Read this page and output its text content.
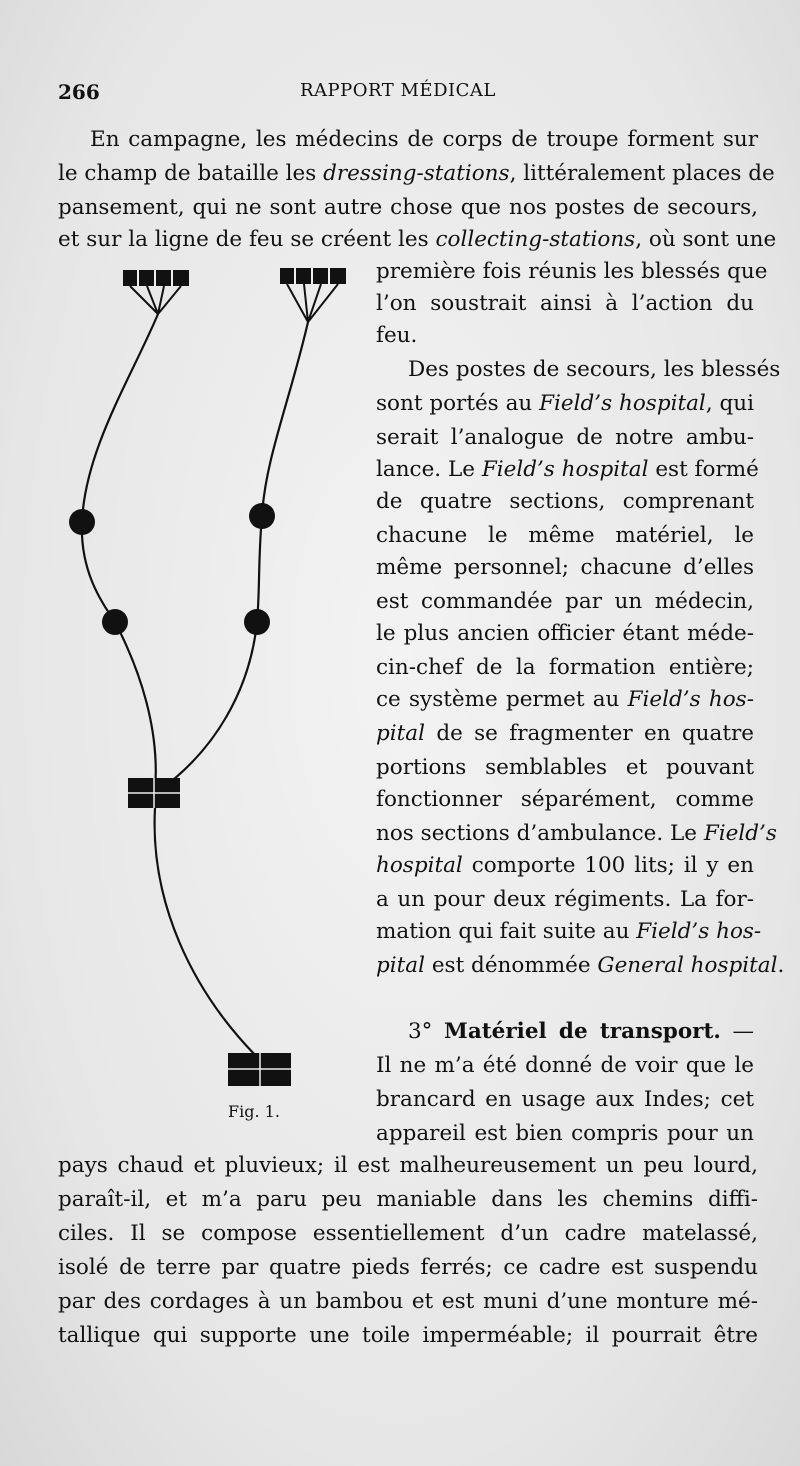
266	RAPPORT MÉDICAL
En campagne, les médecins de corps de troupe forment sur
le champ de bataille les dressing-stations, littéralement places de
pansement, qui ne sont autre chose que nos postes de secours,
et sur la ligne de feu se créent les collecting-stations, où sont une
première fois réunis les blessés que
l’on soustrait ainsi à l’action du
feu.
Des postes de secours, les blessés
sont portés au Field’s hospital, qui
serait l’analogue de notre ambu-
lance. Le Field’s hospital est formé
de quatre sections, comprenant
chacune le même matériel, le
même personnel; chacune d’elles
est commandée par un médecin,
le plus ancien officier étant méde-
cin-chef de la formation entière;
ce système permet au Field’s hos-
pital de se fragmenter en quatre
portions semblables et pouvant
fonctionner séparément, comme
nos sections d’ambulance. Le Field’s
hospital comporte 100 lits; il y en
a un pour deux régiments. La for-
mation qui fait suite au Field’s hos-
pital est dénommée General hospital.
3° Matériel de transport. —
Il ne m’a été donné de voir que le
brancard en usage aux Indes; cet
appareil est bien compris pour un
pays chaud et pluvieux; il est malheureusement un peu lourd,
paraît-il, et m’a paru peu maniable dans les chemins diffi-
ciles. Il se compose essentiellement d’un cadre matelassé,
isolé de terre par quatre pieds ferrés; ce cadre est suspendu
par des cordages à un bambou et est muni d’une monture mé-
tallique qui supporte une toile imperméable; il pourrait être
Fig. 1.
